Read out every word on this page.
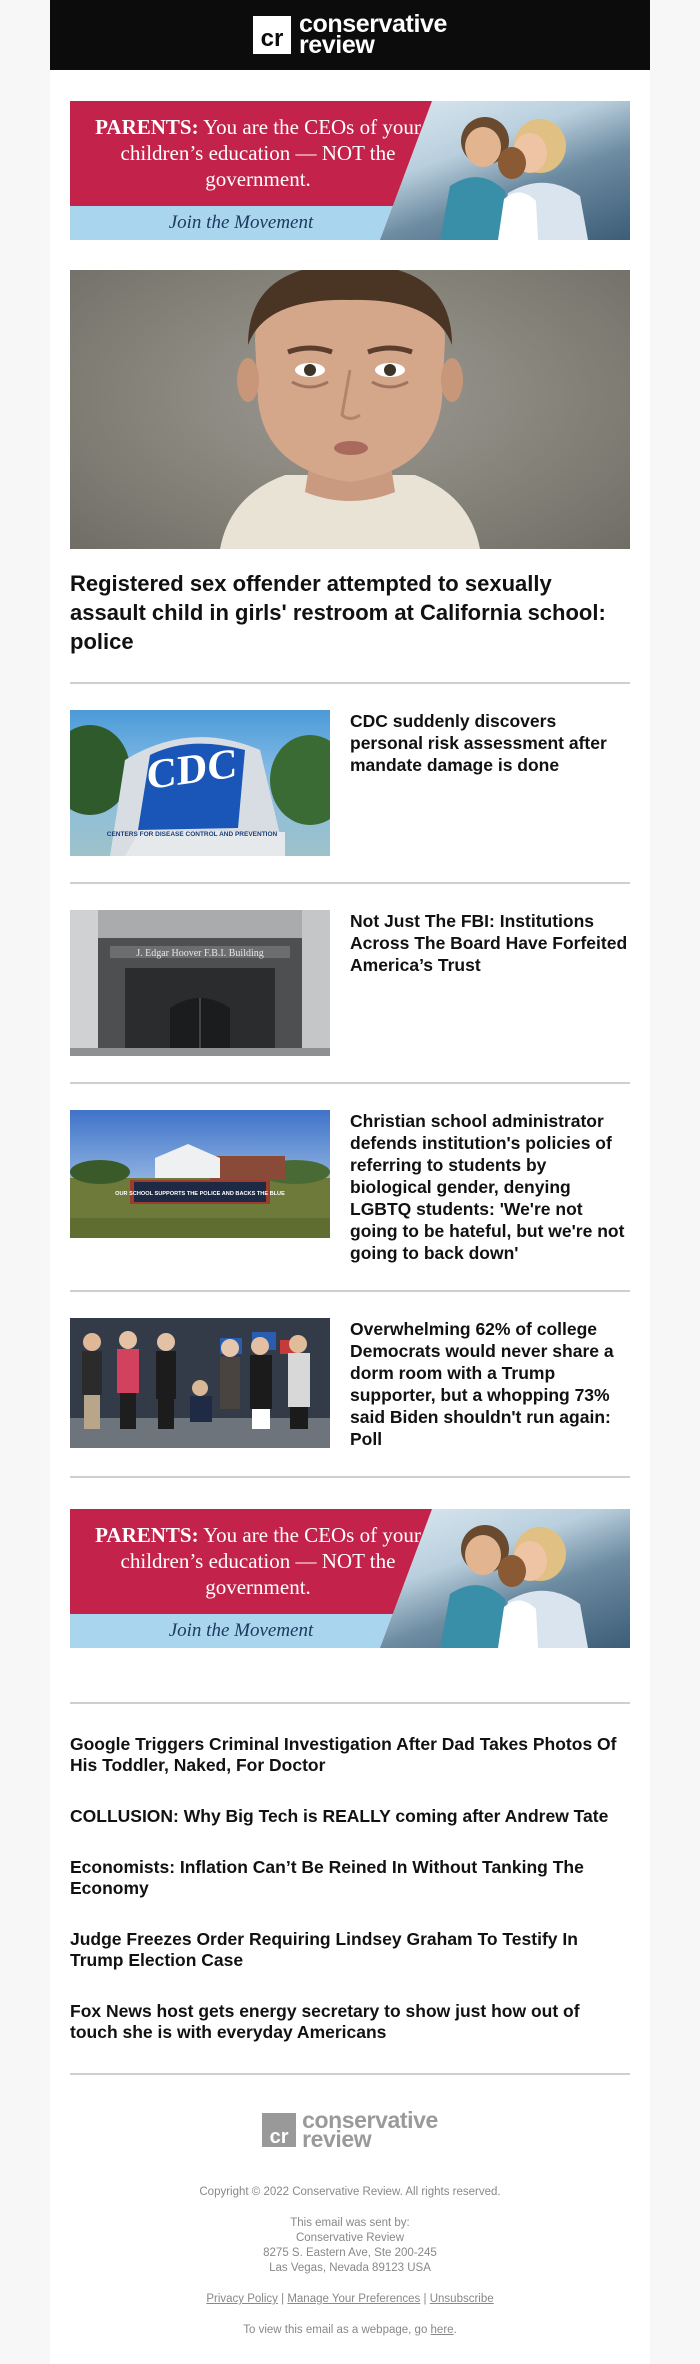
cr
conservative
review
PARENTS: You are the CEOs of your children’s education — NOT the government.
Join the Movement
Registered sex offender attempted to sexually assault child in girls' restroom at California school: police
CDC
CENTERS FOR DISEASE CONTROL AND PREVENTION
CDC suddenly discovers personal risk assessment after mandate damage is done
J. Edgar Hoover F.B.I. Building
Not Just The FBI: Institutions Across The Board Have Forfeited America’s Trust
OUR SCHOOL SUPPORTS THE POLICE AND BACKS THE BLUE
Christian school administrator defends institution's policies of referring to students by biological gender, denying LGBTQ students: 'We're not going to be hateful, but we're not going to back down'
Overwhelming 62% of college Democrats would never share a dorm room with a Trump supporter, but a whopping 73% said Biden shouldn't run again: Poll
PARENTS: You are the CEOs of your children’s education — NOT the government.
Join the Movement
Google Triggers Criminal Investigation After Dad Takes Photos Of His Toddler, Naked, For Doctor
COLLUSION: Why Big Tech is REALLY coming after Andrew Tate
Economists: Inflation Can’t Be Reined In Without Tanking The Economy
Judge Freezes Order Requiring Lindsey Graham To Testify In Trump Election Case
Fox News host gets energy secretary to show just how out of touch she is with everyday Americans
cr
conservative
review
Copyright © 2022 Conservative Review. All rights reserved.
This email was sent by:
Conservative Review
8275 S. Eastern Ave, Ste 200-245
Las Vegas, Nevada 89123 USA
Privacy Policy | Manage Your Preferences | Unsubscribe
To view this email as a webpage, go here.
